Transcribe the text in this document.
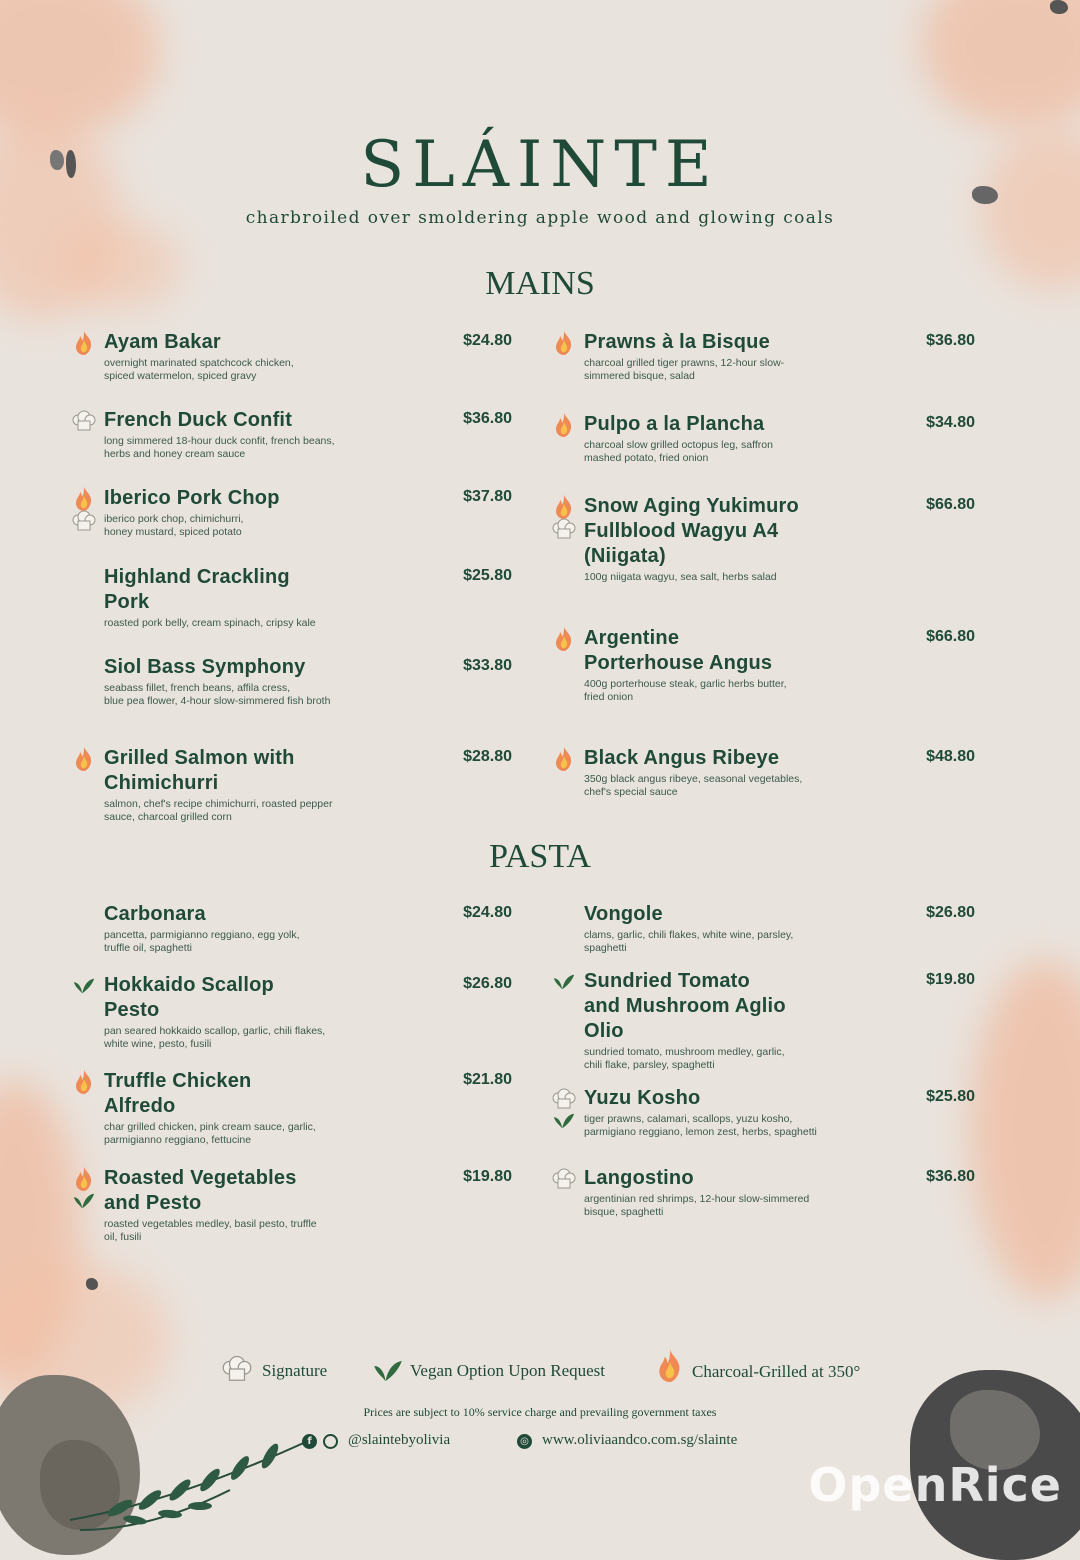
SLÁINTE
charbroiled over smoldering apple wood and glowing coals
MAINS
PASTA
Ayam Bakar
overnight marinated spatchcock chicken,
spiced watermelon, spiced gravy
$24.80
French Duck Confit
long simmered 18-hour duck confit, french beans,
herbs and honey cream sauce
$36.80
Iberico Pork Chop
iberico pork chop, chimichurri,
honey mustard, spiced potato
$37.80
Highland Crackling
Pork
roasted pork belly, cream spinach, cripsy kale
$25.80
Siol Bass Symphony
seabass fillet, french beans, affila cress,
blue pea flower, 4-hour slow-simmered fish broth
$33.80
Grilled Salmon with
Chimichurri
salmon, chef's recipe chimichurri, roasted pepper
sauce, charcoal grilled corn
$28.80
Prawns à la Bisque
charcoal grilled tiger prawns, 12-hour slow-
simmered bisque, salad
$36.80
Pulpo a la Plancha
charcoal slow grilled octopus leg, saffron
mashed potato, fried onion
$34.80
Snow Aging Yukimuro
Fullblood Wagyu A4
(Niigata)
100g niigata wagyu, sea salt, herbs salad
$66.80
Argentine
Porterhouse Angus
400g porterhouse steak, garlic herbs butter,
fried onion
$66.80
Black Angus Ribeye
350g black angus ribeye, seasonal vegetables,
chef's special sauce
$48.80
Carbonara
pancetta, parmigianno reggiano, egg yolk,
truffle oil, spaghetti
$24.80
Hokkaido Scallop
Pesto
pan seared hokkaido scallop, garlic, chili flakes,
white wine, pesto, fusili
$26.80
Truffle Chicken
Alfredo
char grilled chicken, pink cream sauce, garlic,
parmigianno reggiano, fettucine
$21.80
Roasted Vegetables
and Pesto
roasted vegetables medley, basil pesto, truffle
oil, fusili
$19.80
Vongole
clams, garlic, chili flakes, white wine, parsley,
spaghetti
$26.80
Sundried Tomato
and Mushroom Aglio
Olio
sundried tomato, mushroom medley, garlic,
chili flake, parsley, spaghetti
$19.80
Yuzu Kosho
tiger prawns, calamari, scallops, yuzu kosho,
parmigiano reggiano, lemon zest, herbs, spaghetti
$25.80
Langostino
argentinian red shrimps, 12-hour slow-simmered
bisque, spaghetti
$36.80
Signature	Vegan Option Upon Request	Charcoal-Grilled at 350°
Prices are subject to 10% service charge and prevailing government taxes
f	@slaintebyolivia	◎ www.oliviaandco.com.sg/slainte
OpenRice
